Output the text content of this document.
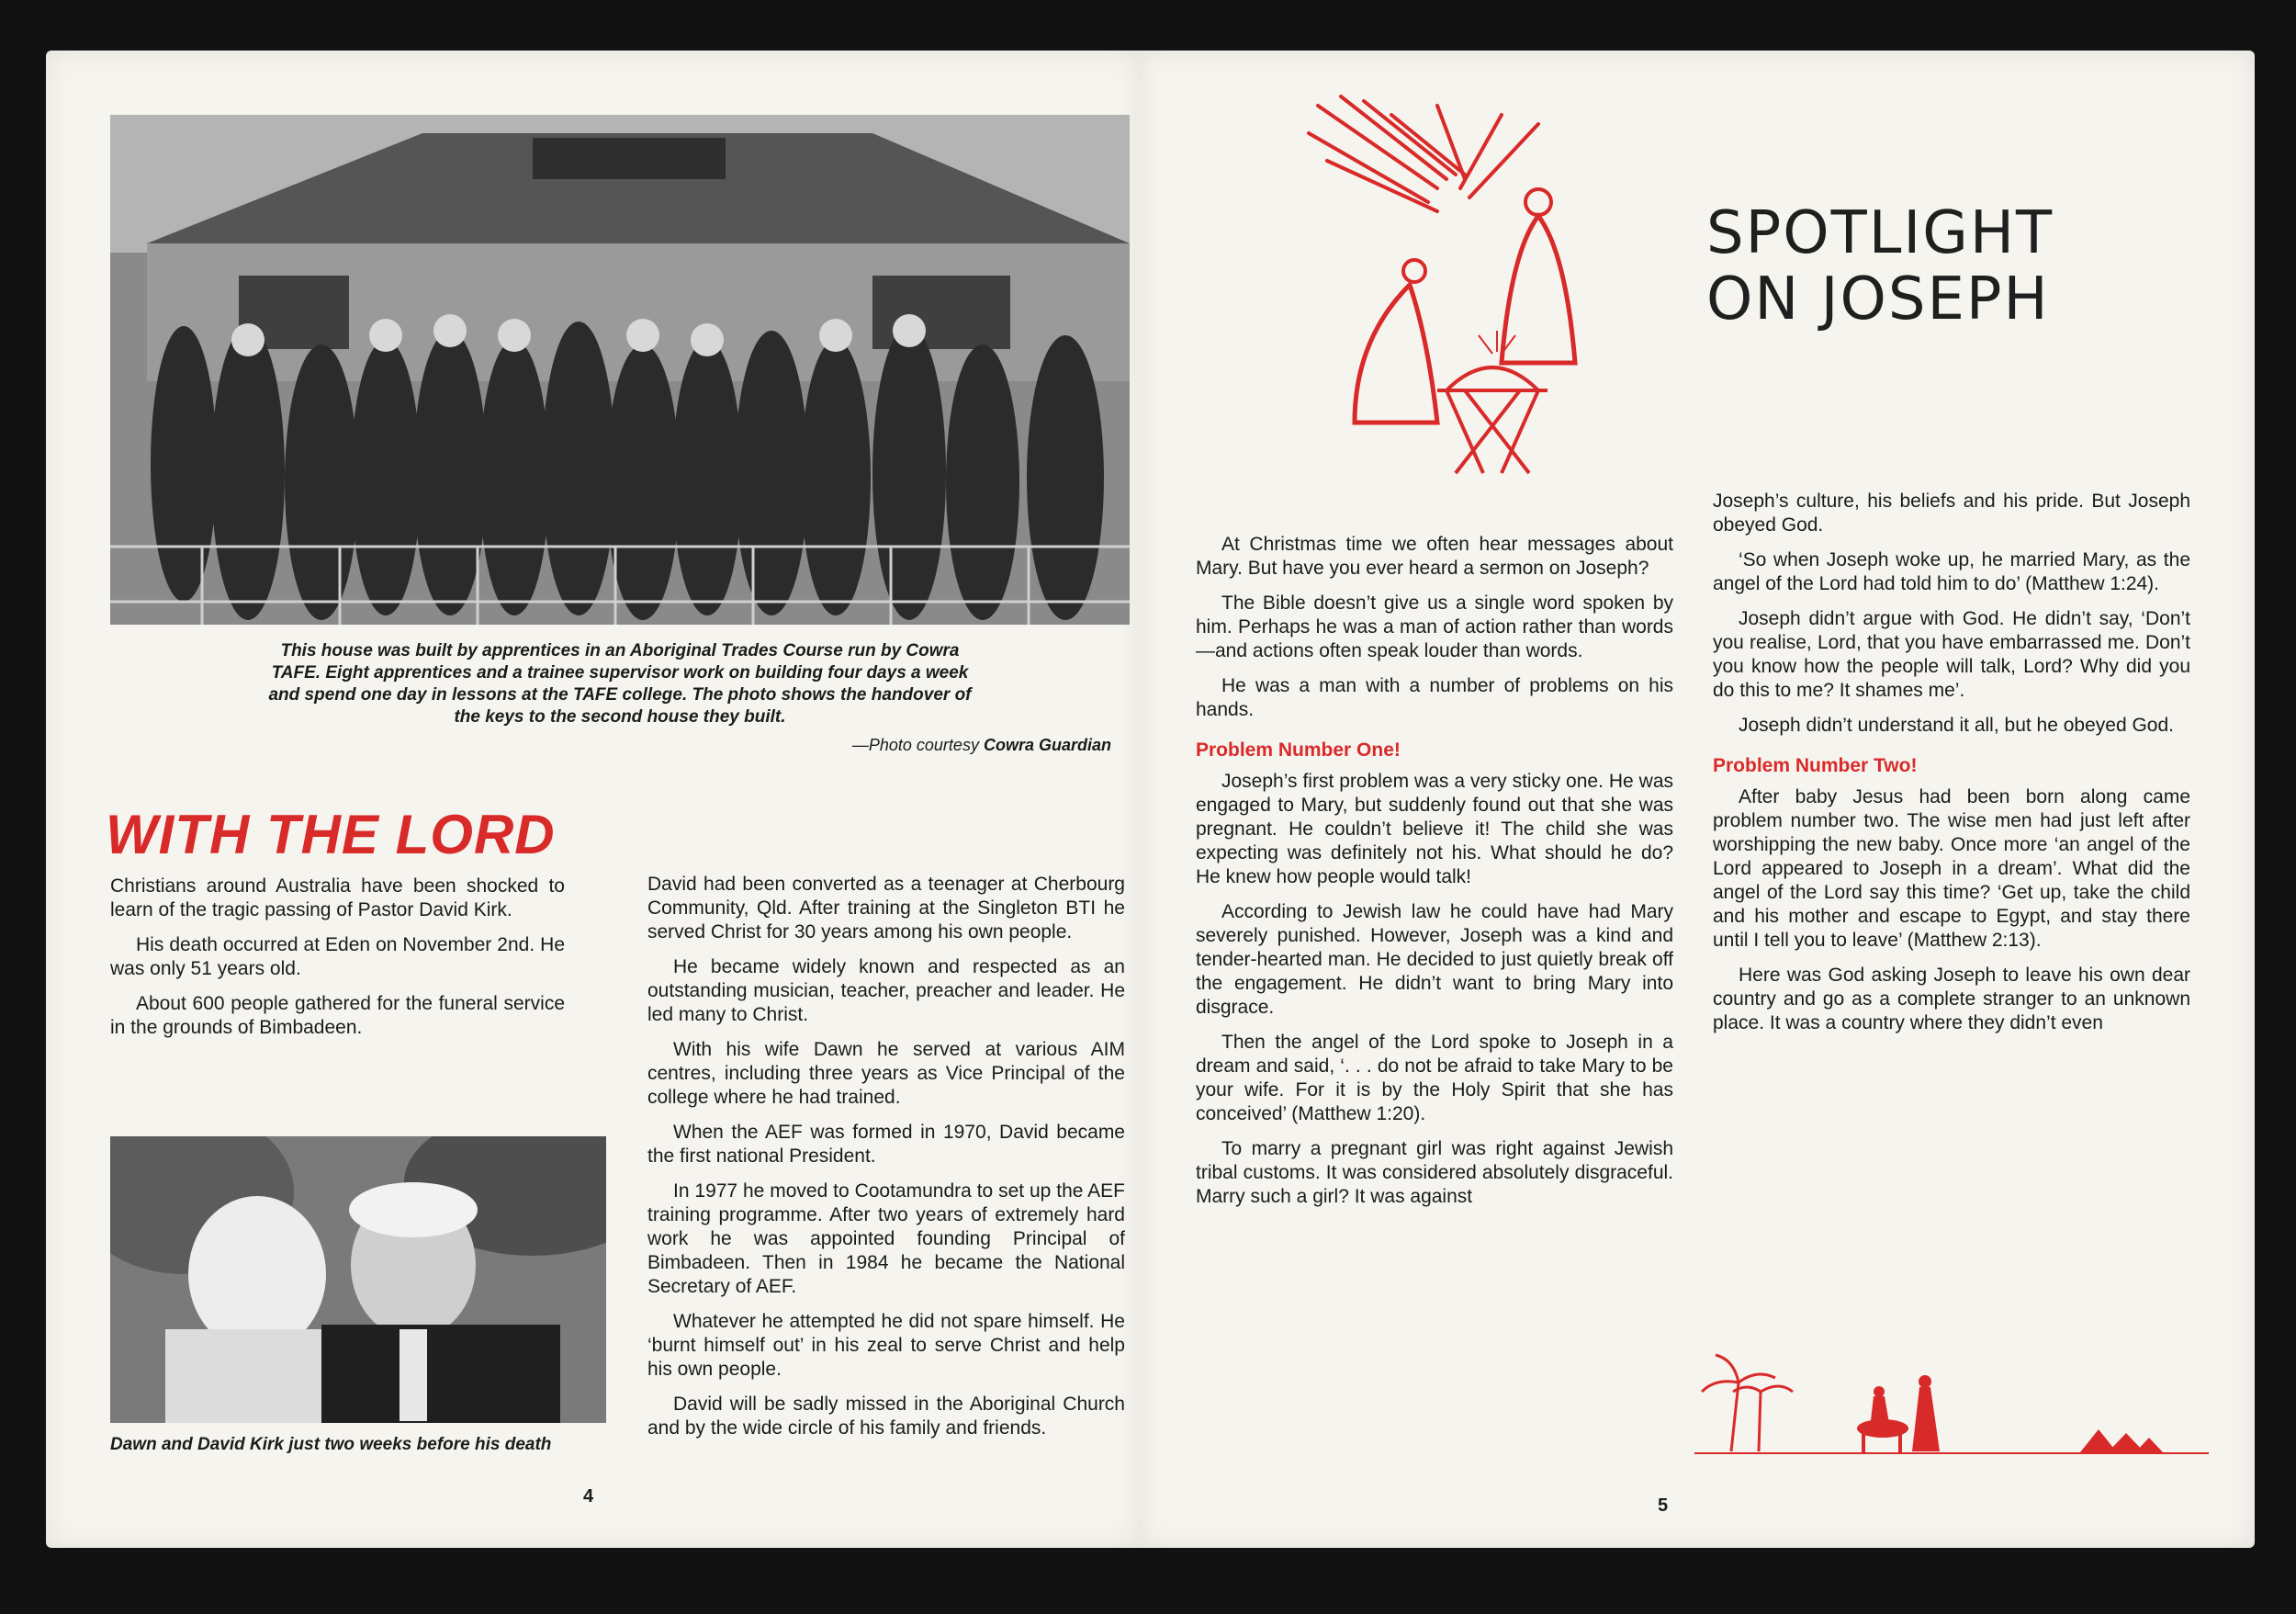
This house was built by apprentices in an Aboriginal Trades Course run by Cowra TAFE. Eight apprentices and a trainee supervisor work on building four days a week and spend one day in lessons at the TAFE college. The photo shows the handover of the keys to the second house they built.
—Photo courtesy Cowra Guardian
WITH THE LORD

Christians around Australia have been shocked to learn of the tragic passing of Pastor David Kirk.

His death occurred at Eden on November 2nd. He was only 51 years old.

About 600 people gathered for the funeral service in the grounds of Bimbadeen.

Dawn and David Kirk just two weeks before his death

David had been converted as a teenager at Cherbourg Community, Qld. After training at the Singleton BTI he served Christ for 30 years among his own people.

He became widely known and respected as an outstanding musician, teacher, preacher and leader. He led many to Christ.

With his wife Dawn he served at various AIM centres, including three years as Vice Principal of the college where he had trained.

When the AEF was formed in 1970, David became the first national President.

In 1977 he moved to Cootamundra to set up the AEF training programme. After two years of extremely hard work he was appointed founding Principal of Bimbadeen. Then in 1984 he became the National Secretary of AEF.

Whatever he attempted he did not spare himself. He ‘burnt himself out’ in his zeal to serve Christ and help his own people.

David will be sadly missed in the Aboriginal Church and by the wide circle of his family and friends.

4
SPOTLIGHT
ON JOSEPH

At Christmas time we often hear messages about Mary. But have you ever heard a sermon on Joseph?

The Bible doesn’t give us a single word spoken by him. Perhaps he was a man of action rather than words—and actions often speak louder than words.

He was a man with a number of problems on his hands.

Problem Number One!

Joseph’s first problem was a very sticky one. He was engaged to Mary, but suddenly found out that she was pregnant. He couldn’t believe it! The child she was expecting was definitely not his. What should he do? He knew how people would talk!

According to Jewish law he could have had Mary severely punished. However, Joseph was a kind and tender-hearted man. He decided to just quietly break off the engagement. He didn’t want to bring Mary into disgrace.

Then the angel of the Lord spoke to Joseph in a dream and said, ‘. . . do not be afraid to take Mary to be your wife. For it is by the Holy Spirit that she has conceived’ (Matthew 1:20).

To marry a pregnant girl was right against Jewish tribal customs. It was considered absolutely disgraceful. Marry such a girl? It was against

Joseph’s culture, his beliefs and his pride. But Joseph obeyed God.

‘So when Joseph woke up, he married Mary, as the angel of the Lord had told him to do’ (Matthew 1:24).

Joseph didn’t argue with God. He didn’t say, ‘Don’t you realise, Lord, that you have embarrassed me. Don’t you know how the people will talk, Lord? Why did you do this to me? It shames me’.

Joseph didn’t understand it all, but he obeyed God.

Problem Number Two!

After baby Jesus had been born along came problem number two. The wise men had just left after worshipping the new baby. Once more ‘an angel of the Lord appeared to Joseph in a dream’. What did the angel of the Lord say this time? ‘Get up, take the child and his mother and escape to Egypt, and stay there until I tell you to leave’ (Matthew 2:13).

Here was God asking Joseph to leave his own dear country and go as a complete stranger to an unknown place. It was a country where they didn’t even

5
